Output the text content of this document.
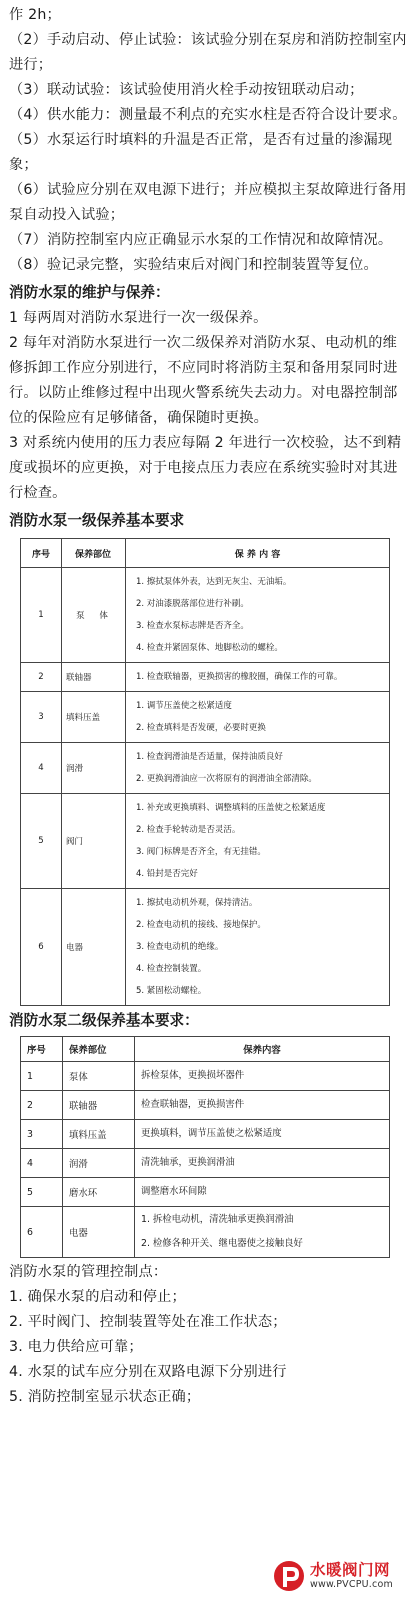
作 2h；

（2）手动启动、停止试验：该试验分别在泵房和消防控制室内进行；

（3）联动试验：该试验使用消火栓手动按钮联动启动；

（4）供水能力：测量最不利点的充实水柱是否符合设计要求。

（5）水泵运行时填料的升温是否正常，是否有过量的渗漏现象；

（6）试验应分别在双电源下进行；并应模拟主泵故障进行备用泵自动投入试验；

（7）消防控制室内应正确显示水泵的工作情况和故障情况。

（8）验记录完整，实验结束后对阀门和控制装置等复位。

消防水泵的维护与保养：

1 每两周对消防水泵进行一次一级保养。

2 每年对消防水泵进行一次二级保养对消防水泵、电动机的维修拆卸工作应分别进行，不应同时将消防主泵和备用泵同时进行。以防止维修过程中出现火警系统失去动力。对电器控制部位的保险应有足够储备，确保随时更换。

3 对系统内使用的压力表应每隔 2 年进行一次校验，达不到精度或损坏的应更换，对于电接点压力表应在系统实验时对其进行检查。

消防水泵一级保养基本要求

序号	保养部位	保 养 内 容
1	泵 体	1. 擦拭泵体外表，达到无灰尘、无油垢。
2. 对油漆脱落部位进行补刷。
3. 检查水泵标志牌是否齐全。
4. 检查并紧固泵体、地脚松动的螺栓。

2	联轴器	1. 检查联轴器，更换损害的橡胶圈，确保工作的可靠。

3	填料压盖	1. 调节压盖使之松紧适度
2. 检查填料是否发硬，必要时更换

4	润滑	1. 检查润滑油是否适量，保持油质良好
2. 更换润滑油应一次将原有的润滑油全部清除。

5	阀门	1. 补充或更换填料、调整填料的压盖使之松紧适度
2. 检查手轮转动是否灵活。
3. 阀门标牌是否齐全，有无挂错。
4. 铅封是否完好

6	电器	1. 擦拭电动机外观，保持清洁。
2. 检查电动机的接线、接地保护。
3. 检查电动机的绝缘。
4. 检查控制装置。
5. 紧固松动螺栓。

消防水泵二级保养基本要求：

序号	保养部位	保养内容
1	泵体	拆检泵体，更换损坏器件

2	联轴器	检查联轴器，更换损害件

3	填料压盖	更换填料，调节压盖使之松紧适度

4	润滑	清洗轴承，更换润滑油

5	磨水环	调整磨水环间隙

6	电器	1. 拆检电动机，清洗轴承更换润滑油
2. 检修各种开关、继电器使之接触良好

消防水泵的管理控制点：

1. 确保水泵的启动和停止；

2. 平时阀门、控制装置等处在准工作状态；

3. 电力供给应可靠；

4. 水泵的试车应分别在双路电源下分别进行

5. 消防控制室显示状态正确；

水暖阀门网
www.PVCPU.com
